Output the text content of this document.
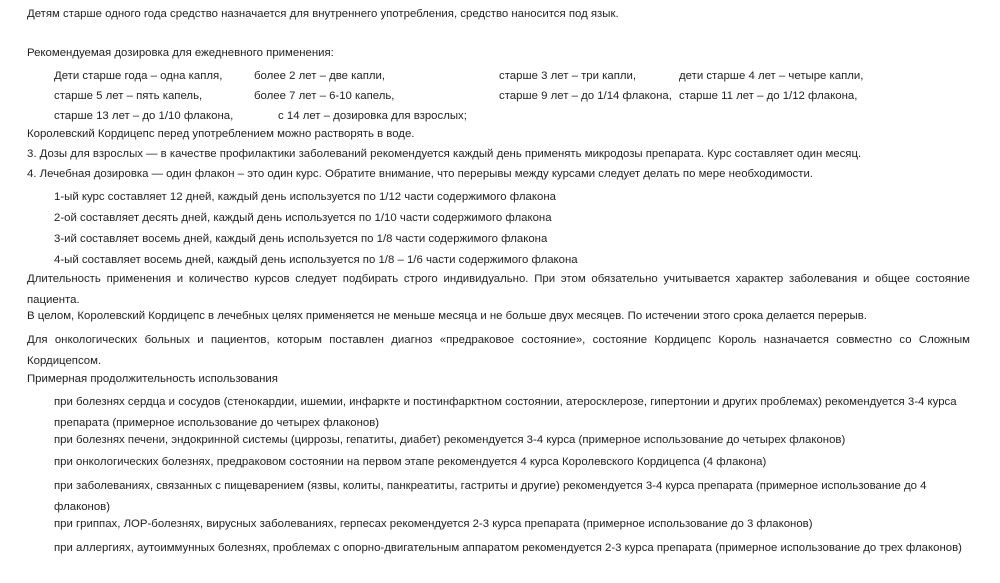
Детям старше одного года средство назначается для внутреннего употребления, средство наносится под язык.
Рекомендуемая дозировка для ежедневного применения:
Дети старше года – одна капля,	более 2 лет – две капли,	старше 3 лет – три капли,	дети старше 4 лет – четыре капли,
старше 5 лет – пять капель,	более 7 лет – 6-10 капель,	старше 9 лет – до 1/14 флакона,	старше 11 лет – до 1/12 флакона,
старше 13 лет – до 1/10 флакона,	с 14 лет – дозировка для взрослых;		
Королевский Кордицепс перед употреблением можно растворять в воде.
3. Дозы для взрослых — в качестве профилактики заболеваний рекомендуется каждый день применять микродозы препарата. Курс составляет один месяц.
4. Лечебная дозировка — один флакон – это один курс. Обратите внимание, что перерывы между курсами следует делать по мере необходимости.
1-ый курс составляет 12 дней, каждый день используется по 1/12 части содержимого флакона
2-ой составляет десять дней, каждый день используется по 1/10 части содержимого флакона
3-ий составляет восемь дней, каждый день используется по 1/8 части содержимого флакона
4-ый составляет восемь дней, каждый день используется по 1/8 – 1/6 части содержимого флакона
Длительность применения и количество курсов следует подбирать строго индивидуально. При этом обязательно учитывается характер заболевания и общее состояние пациента.
В целом, Королевский Кордицепс в лечебных целях применяется не меньше месяца и не больше двух месяцев. По истечении этого срока делается перерыв.
Для онкологических больных и пациентов, которым поставлен диагноз «предраковое состояние», состояние Кордицепс Король назначается совместно со Сложным Кордицепсом.
Примерная продолжительность использования
при болезнях сердца и сосудов (стенокардии, ишемии, инфаркте и постинфарктном состоянии, атеросклерозе, гипертонии и других проблемах) рекомендуется 3-4 курса препарата (примерное использование до четырех флаконов)
при болезнях печени, эндокринной системы (циррозы, гепатиты, диабет) рекомендуется 3-4 курса (примерное использование до четырех флаконов)
при онкологических болезнях, предраковом состоянии на первом этапе рекомендуется 4 курса Королевского Кордицепса (4 флакона)
при заболеваниях, связанных с пищеварением (язвы, колиты, панкреатиты, гастриты и другие) рекомендуется 3-4 курса препарата (примерное использование до 4 флаконов)
при гриппах, ЛОР-болезнях, вирусных заболеваниях, герпесах рекомендуется 2-3 курса препарата (примерное использование до 3 флаконов)
при аллергиях, аутоиммунных болезнях, проблемах с опорно-двигательным аппаратом рекомендуется 2-3 курса препарата (примерное использование до трех флаконов)
